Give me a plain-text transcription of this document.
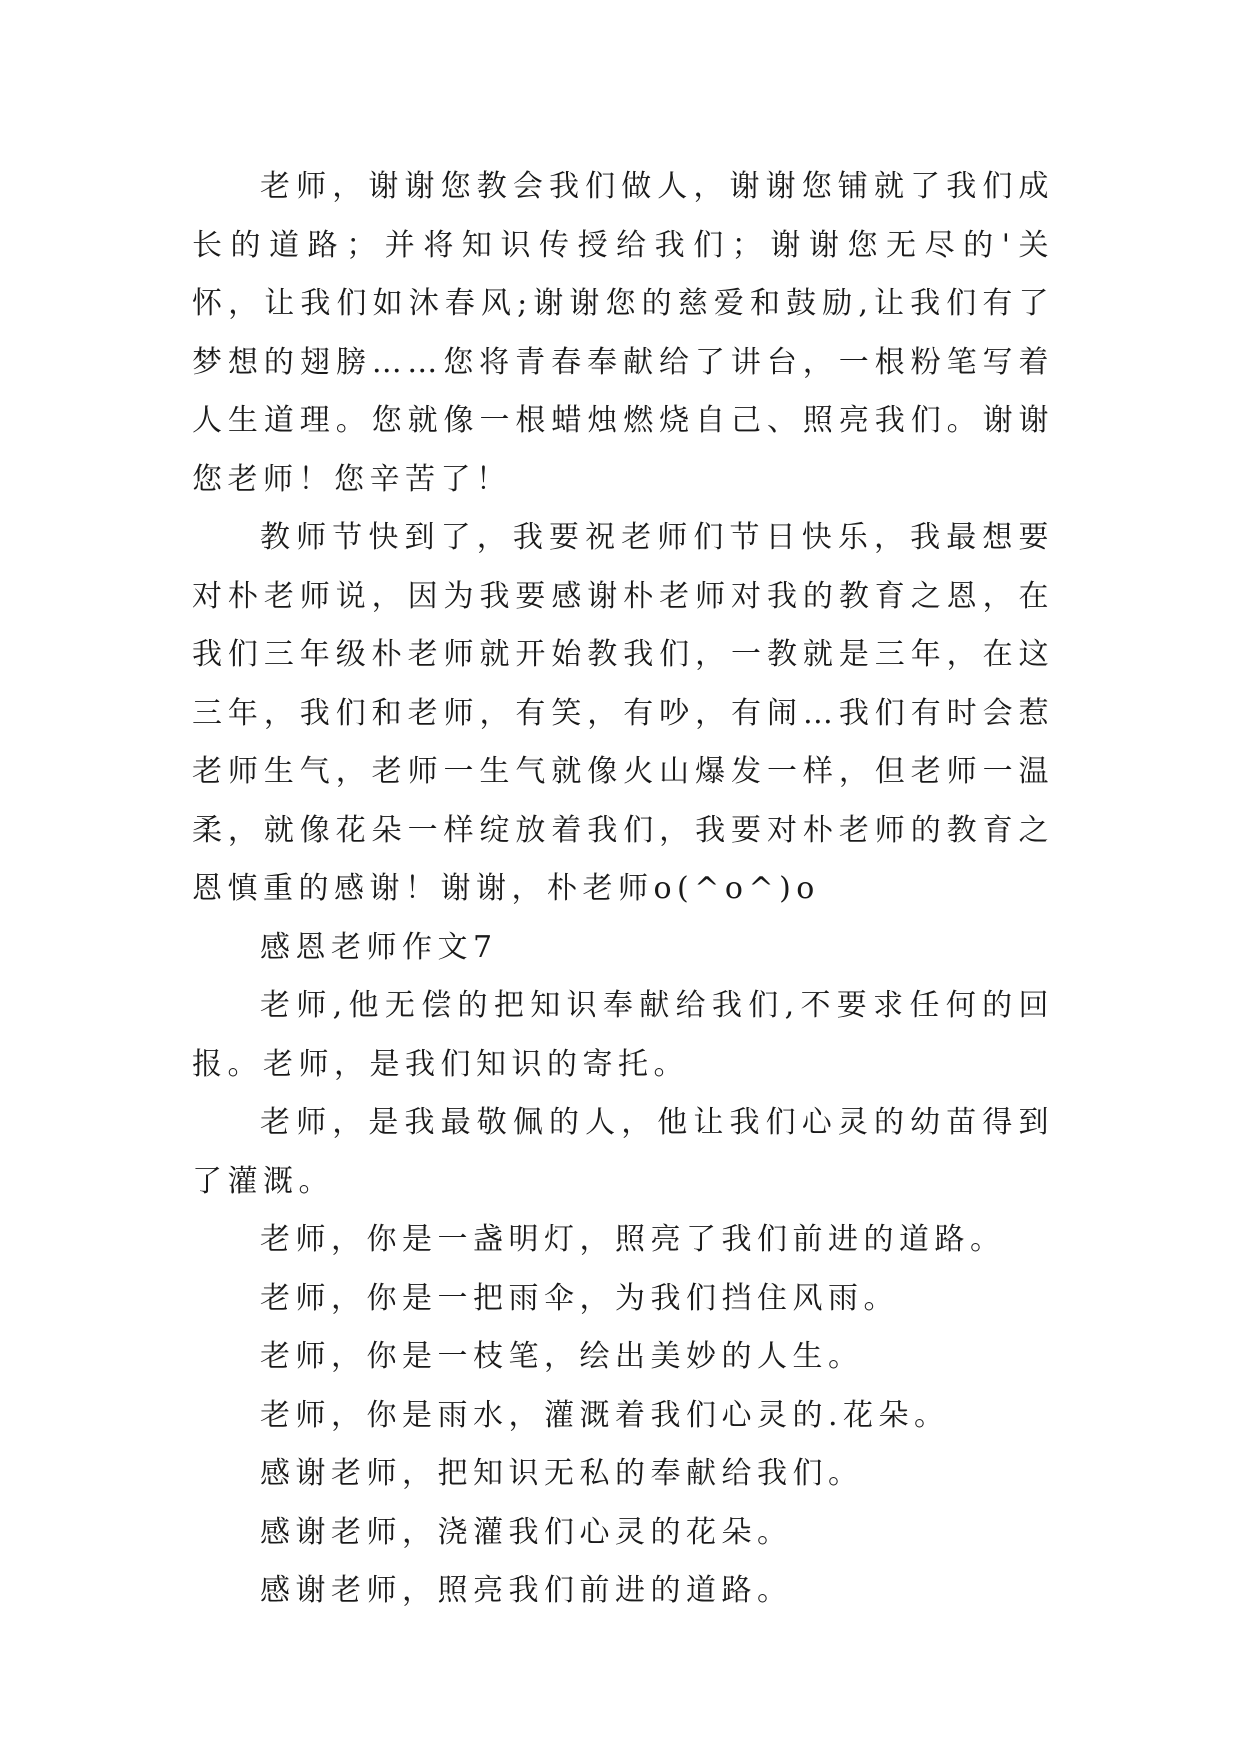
老师，谢谢您教会我们做人，谢谢您铺就了我们成长的道路；并将知识传授给我们；谢谢您无尽的'关怀，让我们如沐春风;谢谢您的慈爱和鼓励,让我们有了梦想的翅膀……您将青春奉献给了讲台，一根粉笔写着人生道理。您就像一根蜡烛燃烧自己、照亮我们。谢谢您老师！您辛苦了！

教师节快到了，我要祝老师们节日快乐，我最想要对朴老师说，因为我要感谢朴老师对我的教育之恩，在我们三年级朴老师就开始教我们，一教就是三年，在这三年，我们和老师，有笑，有吵，有闹…我们有时会惹老师生气，老师一生气就像火山爆发一样，但老师一温柔，就像花朵一样绽放着我们，我要对朴老师的教育之恩慎重的感谢！谢谢，朴老师o(^o^)o

感恩老师作文7

老师,他无偿的把知识奉献给我们,不要求任何的回报。老师，是我们知识的寄托。

老师，是我最敬佩的人，他让我们心灵的幼苗得到了灌溉。

老师，你是一盏明灯，照亮了我们前进的道路。

老师，你是一把雨伞，为我们挡住风雨。

老师，你是一枝笔，绘出美妙的人生。

老师，你是雨水，灌溉着我们心灵的.花朵。

感谢老师，把知识无私的奉献给我们。

感谢老师，浇灌我们心灵的花朵。

感谢老师，照亮我们前进的道路。
